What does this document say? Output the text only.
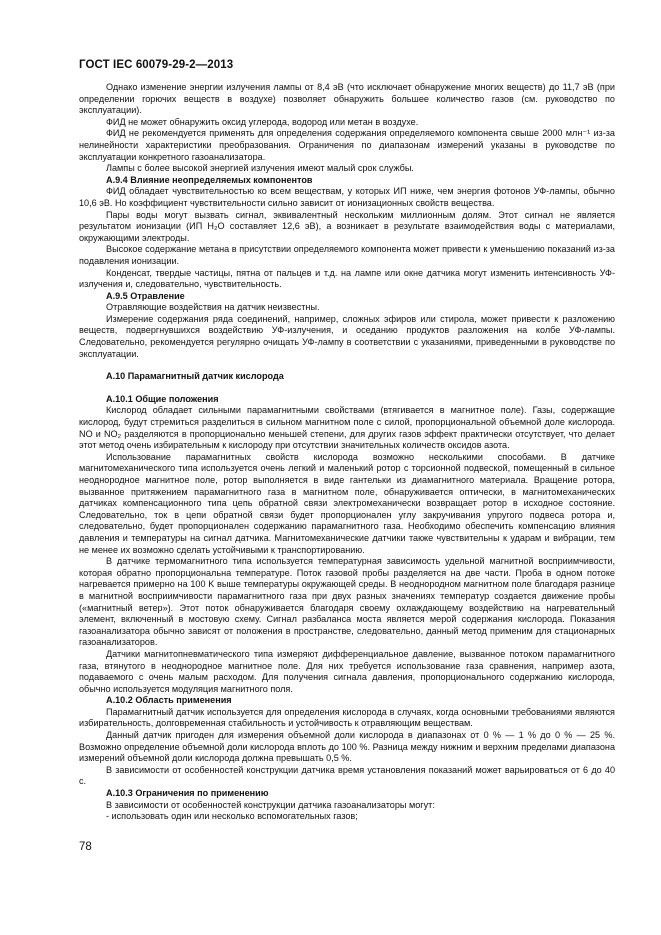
ГОСТ IEC 60079-29-2—2013
Однако изменение энергии излучения лампы от 8,4 эВ (что исключает обнаружение многих веществ) до 11,7 эВ (при определении горючих веществ в воздухе) позволяет обнаружить большее количество газов (см. руководство по эксплуатации).
ФИД не может обнаружить оксид углерода, водород или метан в воздухе.
ФИД не рекомендуется применять для определения содержания определяемого компонента свыше 2000 млн⁻¹ из-за нелинейности характеристики преобразования. Ограничения по диапазонам измерений указаны в руководстве по эксплуатации конкретного газоанализатора.
Лампы с более высокой энергией излучения имеют малый срок службы.
А.9.4 Влияние неопределяемых компонентов
ФИД обладает чувствительностью ко всем веществам, у которых ИП ниже, чем энергия фотонов УФ-лампы, обычно 10,6 эВ. Но коэффициент чувствительности сильно зависит от ионизационных свойств вещества.
Пары воды могут вызвать сигнал, эквивалентный нескольким миллионным долям. Этот сигнал не является результатом ионизации (ИП H₂O составляет 12,6 эВ), а возникает в результате взаимодействия воды с материалами, окружающими электроды.
Высокое содержание метана в присутствии определяемого компонента может привести к уменьшению показаний из-за подавления ионизации.
Конденсат, твердые частицы, пятна от пальцев и т.д. на лампе или окне датчика могут изменить интенсивность УФ-излучения и, следовательно, чувствительность.
А.9.5 Отравление
Отравляющие воздействия на датчик неизвестны.
Измерение содержания ряда соединений, например, сложных эфиров или стирола, может привести к разложению веществ, подвергнувшихся воздействию УФ-излучения, и оседанию продуктов разложения на колбе УФ-лампы. Следовательно, рекомендуется регулярно очищать УФ-лампу в соответствии с указаниями, приведенными в руководстве по эксплуатации.
А.10 Парамагнитный датчик кислорода
А.10.1 Общие положения
Кислород обладает сильными парамагнитными свойствами (втягивается в магнитное поле). Газы, содержащие кислород, будут стремиться разделиться в сильном магнитном поле с силой, пропорциональной объемной доле кислорода. NO и NO₂ разделяются в пропорционально меньшей степени, для других газов эффект практически отсутствует, что делает этот метод очень избирательным к кислороду при отсутствии значительных количеств оксидов азота.
Использование парамагнитных свойств кислорода возможно несколькими способами. В датчике магнитомеханического типа используется очень легкий и маленький ротор с торсионной подвеской, помещенный в сильное неоднородное магнитное поле, ротор выполняется в виде гантельки из диамагнитного материала. Вращение ротора, вызванное притяжением парамагнитного газа в магнитном поле, обнаруживается оптически, в магнитомеханических датчиках компенсационного типа цепь обратной связи электромеханически возвращает ротор в исходное состояние. Следовательно, ток в цепи обратной связи будет пропорционален углу закручивания упругого подвеса ротора и, следовательно, будет пропорционален содержанию парамагнитного газа. Необходимо обеспечить компенсацию влияния давления и температуры на сигнал датчика. Магнитомеханические датчики также чувствительны к ударам и вибрации, тем не менее их возможно сделать устойчивыми к транспортированию.
В датчике термомагнитного типа используется температурная зависимость удельной магнитной восприимчивости, которая обратно пропорциональна температуре. Поток газовой пробы разделяется на две части. Проба в одном потоке нагревается примерно на 100 K выше температуры окружающей среды. В неоднородном магнитном поле благодаря разнице в магнитной восприимчивости парамагнитного газа при двух разных значениях температур создается движение пробы («магнитный ветер»). Этот поток обнаруживается благодаря своему охлаждающему воздействию на нагревательный элемент, включенный в мостовую схему. Сигнал разбаланса моста является мерой содержания кислорода. Показания газоанализатора обычно зависят от положения в пространстве, следовательно, данный метод применим для стационарных газоанализаторов.
Датчики магнитопневматического типа измеряют дифференциальное давление, вызванное потоком парамагнитного газа, втянутого в неоднородное магнитное поле. Для них требуется использование газа сравнения, например азота, подаваемого с очень малым расходом. Для получения сигнала давления, пропорционального содержанию кислорода, обычно используется модуляция магнитного поля.
А.10.2 Область применения
Парамагнитный датчик используется для определения кислорода в случаях, когда основными требованиями являются избирательность, долговременная стабильность и устойчивость к отравляющим веществам.
Данный датчик пригоден для измерения объемной доли кислорода в диапазонах от 0 % — 1 % до 0 % — 25 %. Возможно определение объемной доли кислорода вплоть до 100 %. Разница между нижним и верхним пределами диапазона измерений объемной доли кислорода должна превышать 0,5 %.
В зависимости от особенностей конструкции датчика время установления показаний может варьироваться от 6 до 40 с.
А.10.3 Ограничения по применению
В зависимости от особенностей конструкции датчика газоанализаторы могут:
- использовать один или несколько вспомогательных газов;
78
